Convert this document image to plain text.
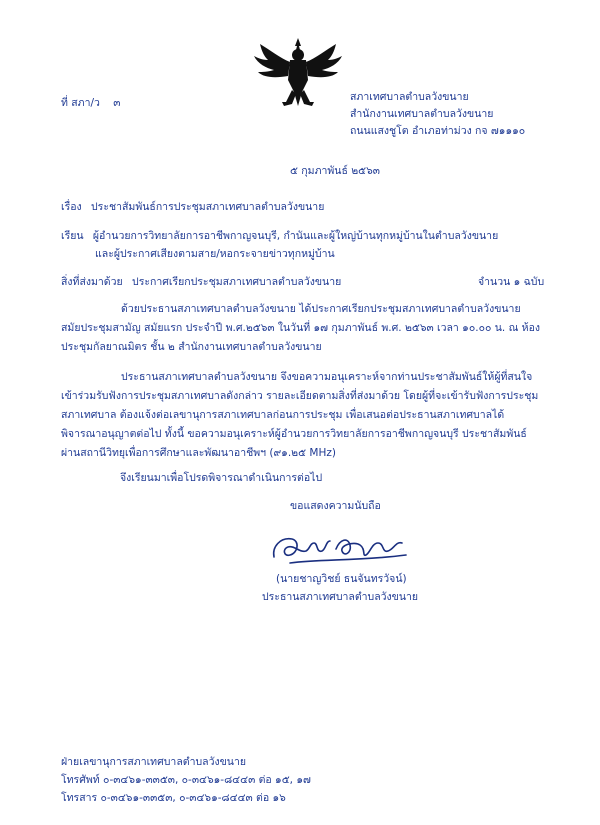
ที่ สภา/ว ๓	สภาเทศบาลตำบลวังขนาย
สำนักงานเทศบาลตำบลวังขนาย
ถนนแสงชูโต อำเภอท่าม่วง กจ ๗๑๑๑๐
๕ กุมภาพันธ์ ๒๕๖๓
เรื่อง ประชาสัมพันธ์การประชุมสภาเทศบาลตำบลวังขนาย
เรียน ผู้อำนวยการวิทยาลัยการอาชีพกาญจนบุรี, กำนันและผู้ใหญ่บ้านทุกหมู่บ้านในตำบลวังขนาย
และผู้ประกาศเสียงตามสาย/หอกระจายข่าวทุกหมู่บ้าน
สิ่งที่ส่งมาด้วย ประกาศเรียกประชุมสภาเทศบาลตำบลวังขนาย	จำนวน ๑ ฉบับ

ด้วยประธานสภาเทศบาลตำบลวังขนาย ได้ประกาศเรียกประชุมสภาเทศบาลตำบลวังขนาย สมัยประชุมสามัญ สมัยแรก ประจำปี พ.ศ.๒๕๖๓ ในวันที่ ๑๗ กุมภาพันธ์ พ.ศ. ๒๕๖๓ เวลา ๑๐.๐๐ น. ณ ห้องประชุมกัลยาณมิตร ชั้น ๒ สำนักงานเทศบาลตำบลวังขนาย

ประธานสภาเทศบาลตำบลวังขนาย จึงขอความอนุเคราะห์จากท่านประชาสัมพันธ์ให้ผู้ที่สนใจเข้าร่วมรับฟังการประชุมสภาเทศบาลดังกล่าว รายละเอียดตามสิ่งที่ส่งมาด้วย โดยผู้ที่จะเข้ารับฟังการประชุมสภาเทศบาล ต้องแจ้งต่อเลขานุการสภาเทศบาลก่อนการประชุม เพื่อเสนอต่อประธานสภาเทศบาลได้พิจารณาอนุญาตต่อไป ทั้งนี้ ขอความอนุเคราะห์ผู้อำนวยการวิทยาลัยการอาชีพกาญจนบุรี ประชาสัมพันธ์ผ่านสถานีวิทยุเพื่อการศึกษาและพัฒนาอาชีพฯ (๙๑.๒๕ MHz)

จึงเรียนมาเพื่อโปรดพิจารณาดำเนินการต่อไป
ขอแสดงความนับถือ
(นายชาญวิชย์ ธนจันทรวัจน์)
ประธานสภาเทศบาลตำบลวังขนาย
ฝ่ายเลขานุการสภาเทศบาลตำบลวังขนาย
โทรศัพท์ ๐-๓๔๖๑-๓๓๕๓, ๐-๓๔๖๑-๘๔๔๓ ต่อ ๑๕, ๑๗
โทรสาร ๐-๓๔๖๑-๓๓๕๓, ๐-๓๔๖๑-๘๔๔๓ ต่อ ๑๖
